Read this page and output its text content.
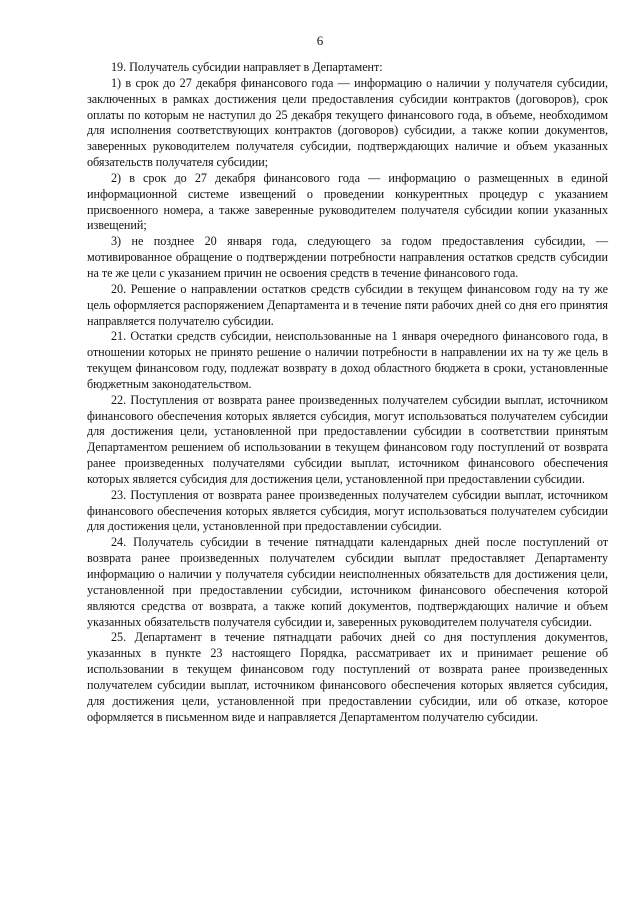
6

19. Получатель субсидии направляет в Департамент:

1) в срок до 27 декабря финансового года — информацию о наличии у получателя субсидии, заключенных в рамках достижения цели предоставления субсидии контрактов (договоров), срок оплаты по которым не наступил до 25 декабря текущего финансового года, в объеме, необходимом для исполнения соответствующих контрактов (договоров) субсидии, а также копии документов, заверенных руководителем получателя субсидии, подтверждающих наличие и объем указанных обязательств получателя субсидии;

2) в срок до 27 декабря финансового года — информацию о размещенных в единой информационной системе извещений о проведении конкурентных процедур с указанием присвоенного номера, а также заверенные руководителем получателя субсидии копии указанных извещений;

3) не позднее 20 января года, следующего за годом предоставления субсидии, — мотивированное обращение о подтверждении потребности направления остатков средств субсидии на те же цели с указанием причин не освоения средств в течение финансового года.

20. Решение о направлении остатков средств субсидии в текущем финансовом году на ту же цель оформляется распоряжением Департамента и в течение пяти рабочих дней со дня его принятия направляется получателю субсидии.

21. Остатки средств субсидии, неиспользованные на 1 января очередного финансового года, в отношении которых не принято решение о наличии потребности в направлении их на ту же цель в текущем финансовом году, подлежат возврату в доход областного бюджета в сроки, установленные бюджетным законодательством.

22. Поступления от возврата ранее произведенных получателем субсидии выплат, источником финансового обеспечения которых является субсидия, могут использоваться получателем субсидии для достижения цели, установленной при предоставлении субсидии в соответствии принятым Департаментом решением об использовании в текущем финансовом году поступлений от возврата ранее произведенных получателями субсидии выплат, источником финансового обеспечения которых является субсидия для достижения цели, установленной при предоставлении субсидии.

23. Поступления от возврата ранее произведенных получателем субсидии выплат, источником финансового обеспечения которых является субсидия, могут использоваться получателем субсидии для достижения цели, установленной при предоставлении субсидии.

24. Получатель субсидии в течение пятнадцати календарных дней после поступлений от возврата ранее произведенных получателем субсидии выплат предоставляет Департаменту информацию о наличии у получателя субсидии неисполненных обязательств для достижения цели, установленной при предоставлении субсидии, источником финансового обеспечения которой являются средства от возврата, а также копий документов, подтверждающих наличие и объем указанных обязательств получателя субсидии и, заверенных руководителем получателя субсидии.

25. Департамент в течение пятнадцати рабочих дней со дня поступления документов, указанных в пункте 23 настоящего Порядка, рассматривает их и принимает решение об использовании в текущем финансовом году поступлений от возврата ранее произведенных получателем субсидии выплат, источником финансового обеспечения которых является субсидия, для достижения цели, установленной при предоставлении субсидии, или об отказе, которое оформляется в письменном виде и направляется Департаментом получателю субсидии.
